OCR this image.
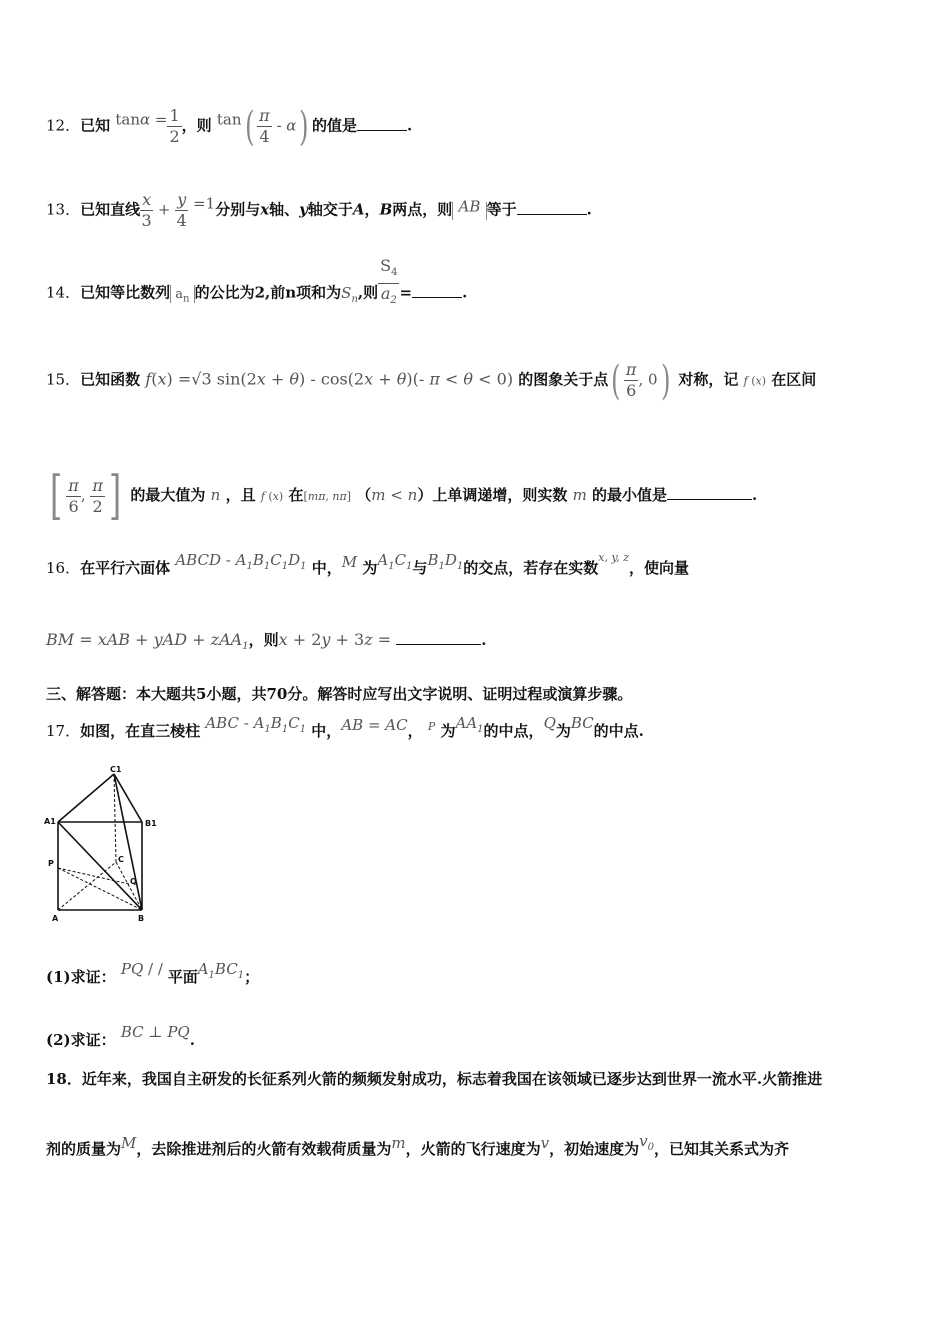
12．已知 $\tan\alpha = \frac{1}{2}$ ，则 $\tan( \frac{\pi}{4} - \alpha)$ 的值是	.
13．已知直线 $\frac{x}{3} + \frac{y}{4} =1$分别与x轴、y轴交于A，B两点，则 AB 等于	.
14．已知等比数列 $a_n$ 的公比为2,前n项和为$S_n$,则 $\frac{S_4}{a_2}$ =	.
15．已知函数 f(x) =√3 sin(2x + θ) - cos(2x + θ)(- π < θ < 0) 的图象关于点( $\frac{\pi}{6}$ , 0) 对称，记 f (x) 在区间
[ $\frac{\pi}{6}$ , $\frac{\pi}{2}$ ] 的最大值为 n ，且 f (x) 在[mπ, nπ] （m < n）上单调递增，则实数 m 的最小值是	.
16．在平行六面体 ABCD - $A_1B_1C_1D_1$ 中，M 为$A_1C_1$与$B_1D_1$的交点，若存在实数$^{x, y, z}$，使向量
BM = xAB + yAD + zAA$_1$，则x + 2y + 3z =	.
三、解答题：本大题共5小题，共70分。解答时应写出文字说明、证明过程或演算步骤。
17．如图，在直三棱柱 ABC - $A_1B_1C_1$ 中，AB = AC， $^P$ 为$AA_1$的中点，Q为BC的中点.
C1
A1	B1
P	C
Q
A	B
(1)求证： PQ / / 平面$A_1BC_1$；
(2)求证： BC ⊥ PQ.
18．近年来，我国自主研发的长征系列火箭的频频发射成功，标志着我国在该领域已逐步达到世界一流水平.火箭推进
剂的质量为M，去除推进剂后的火箭有效载荷质量为m，火箭的飞行速度为v，初始速度为$v_0$，已知其关系式为齐
